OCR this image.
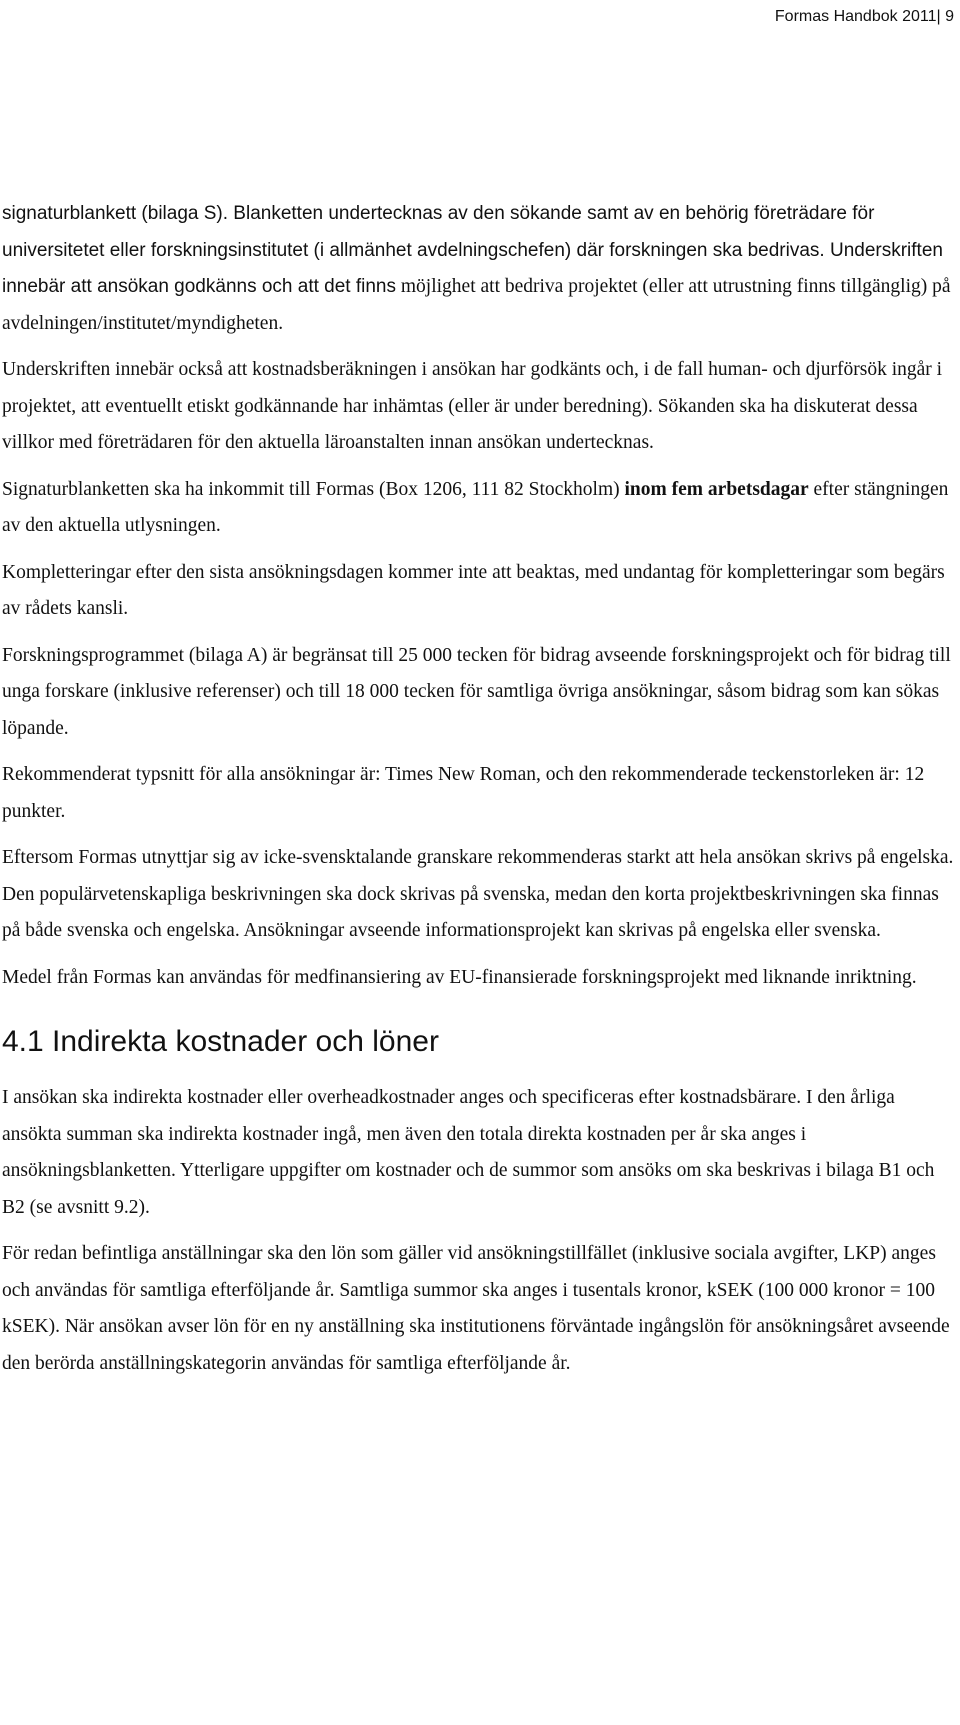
Formas Handbok 2011| 9

signaturblankett (bilaga S). Blanketten undertecknas av den sökande samt av en behörig företrädare för universitetet eller forskningsinstitutet (i allmänhet avdelningschefen) där forskningen ska bedrivas. Underskriften innebär att ansökan godkänns och att det finns möjlighet att bedriva projektet (eller att utrustning finns tillgänglig) på avdelningen/institutet/myndigheten.

Underskriften innebär också att kostnadsberäkningen i ansökan har godkänts och, i de fall human- och djurförsök ingår i projektet, att eventuellt etiskt godkännande har inhämtas (eller är under beredning). Sökanden ska ha diskuterat dessa villkor med företrädaren för den aktuella läroanstalten innan ansökan undertecknas.

Signaturblanketten ska ha inkommit till Formas (Box 1206, 111 82 Stockholm) inom fem arbetsdagar efter stängningen av den aktuella utlysningen.

Kompletteringar efter den sista ansökningsdagen kommer inte att beaktas, med undantag för kompletteringar som begärs av rådets kansli.

Forskningsprogrammet (bilaga A) är begränsat till 25 000 tecken för bidrag avseende forskningsprojekt och för bidrag till unga forskare (inklusive referenser) och till 18 000 tecken för samtliga övriga ansökningar, såsom bidrag som kan sökas löpande.

Rekommenderat typsnitt för alla ansökningar är: Times New Roman, och den rekommenderade teckenstorleken är: 12 punkter.

Eftersom Formas utnyttjar sig av icke-svensktalande granskare rekommenderas starkt att hela ansökan skrivs på engelska. Den populärvetenskapliga beskrivningen ska dock skrivas på svenska, medan den korta projektbeskrivningen ska finnas på både svenska och engelska. Ansökningar avseende informationsprojekt kan skrivas på engelska eller svenska.

Medel från Formas kan användas för medfinansiering av EU-finansierade forskningsprojekt med liknande inriktning.

4.1 Indirekta kostnader och löner

I ansökan ska indirekta kostnader eller overheadkostnader anges och specificeras efter kostnadsbärare. I den årliga ansökta summan ska indirekta kostnader ingå, men även den totala direkta kostnaden per år ska anges i ansökningsblanketten. Ytterligare uppgifter om kostnader och de summor som ansöks om ska beskrivas i bilaga B1 och B2 (se avsnitt 9.2).

För redan befintliga anställningar ska den lön som gäller vid ansökningstillfället (inklusive sociala avgifter, LKP) anges och användas för samtliga efterföljande år. Samtliga summor ska anges i tusentals kronor, kSEK (100 000 kronor = 100 kSEK). När ansökan avser lön för en ny anställning ska institutionens förväntade ingångslön för ansökningsåret avseende den berörda anställningskategorin användas för samtliga efterföljande år.
